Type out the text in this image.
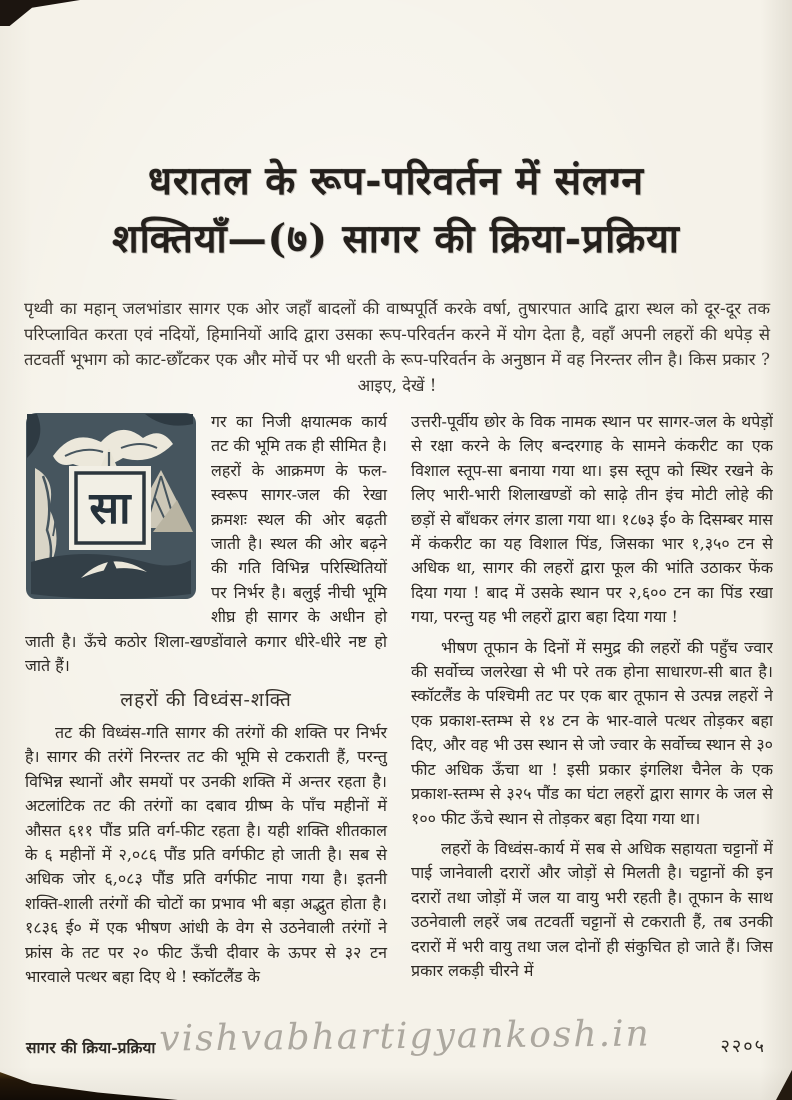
धरातल के रूप-परिवर्तन में संलग्न
शक्तियाँ—(७) सागर की क्रिया-प्रक्रिया
पृथ्वी का महान् जलभांडार सागर एक ओर जहाँ बादलों की वाष्पपूर्ति करके वर्षा, तुषारपात आदि द्वारा स्थल को दूर-दूर तक परिप्लावित करता एवं नदियों, हिमानियों आदि द्वारा उसका रूप-परिवर्तन करने में योग देता है, वहाँ अपनी लहरों की थपेड़ से तटवर्ती भूभाग को काट-छाँटकर एक और मोर्चे पर भी धरती के रूप-परिवर्तन के अनुष्ठान में वह निरन्तर लीन है। किस प्रकार ? आइए, देखें !
सा

गर का निजी क्षयात्मक कार्य तट की भूमि तक ही सीमित है। लहरों के आक्रमण के फल-स्वरूप सागर-जल की रेखा क्रमशः स्थल की ओर बढ़ती जाती है। स्थल की ओर बढ़ने की गति विभिन्न परिस्थितियों पर निर्भर है। बलुई नीची भूमि शीघ्र ही सागर के अधीन हो जाती है। ऊँचे कठोर शिला-खण्डोंवाले कगार धीरे-धीरे नष्ट हो जाते हैं।

लहरों की विध्वंस-शक्ति

तट की विध्वंस-गति सागर की तरंगों की शक्ति पर निर्भर है। सागर की तरंगें निरन्तर तट की भूमि से टकराती हैं, परन्तु विभिन्न स्थानों और समयों पर उनकी शक्ति में अन्तर रहता है। अटलांटिक तट की तरंगों का दबाव ग्रीष्म के पाँच महीनों में औसत ६११ पौंड प्रति वर्ग-फीट रहता है। यही शक्ति शीतकाल के ६ महीनों में २,०८६ पौंड प्रति वर्गफीट हो जाती है। सब से अधिक जोर ६,०८३ पौंड प्रति वर्गफीट नापा गया है। इतनी शक्ति-शाली तरंगों की चोटों का प्रभाव भी बड़ा अद्भुत होता है। १८३६ ई० में एक भीषण आंधी के वेग से उठनेवाली तरंगों ने फ्रांस के तट पर २० फीट ऊँची दीवार के ऊपर से ३२ टन भारवाले पत्थर बहा दिए थे ! स्कॉटलैंड के

उत्तरी-पूर्वीय छोर के विक नामक स्थान पर सागर-जल के थपेड़ों से रक्षा करने के लिए बन्दरगाह के सामने कंकरीट का एक विशाल स्तूप-सा बनाया गया था। इस स्तूप को स्थिर रखने के लिए भारी-भारी शिलाखण्डों को साढ़े तीन इंच मोटी लोहे की छड़ों से बाँधकर लंगर डाला गया था। १८७३ ई० के दिसम्बर मास में कंकरीट का यह विशाल पिंड, जिसका भार १,३५० टन से अधिक था, सागर की लहरों द्वारा फूल की भांति उठाकर फेंक दिया गया ! बाद में उसके स्थान पर २,६०० टन का पिंड रखा गया, परन्तु यह भी लहरों द्वारा बहा दिया गया !

भीषण तूफान के दिनों में समुद्र की लहरों की पहुँच ज्वार की सर्वोच्च जलरेखा से भी परे तक होना साधारण-सी बात है। स्कॉटलैंड के पश्चिमी तट पर एक बार तूफान से उत्पन्न लहरों ने एक प्रकाश-स्तम्भ से १४ टन के भार-वाले पत्थर तोड़कर बहा दिए, और वह भी उस स्थान से जो ज्वार के सर्वोच्च स्थान से ३० फीट अधिक ऊँचा था ! इसी प्रकार इंगलिश चैनेल के एक प्रकाश-स्तम्भ से ३२५ पौंड का घंटा लहरों द्वारा सागर के जल से १०० फीट ऊँचे स्थान से तोड़कर बहा दिया गया था।

लहरों के विध्वंस-कार्य में सब से अधिक सहायता चट्टानों में पाई जानेवाली दरारों और जोड़ों से मिलती है। चट्टानों की इन दरारों तथा जोड़ों में जल या वायु भरी रहती है। तूफान के साथ उठनेवाली लहरें जब तटवर्ती चट्टानों से टकराती हैं, तब उनकी दरारों में भरी वायु तथा जल दोनों ही संकुचित हो जाते हैं। जिस प्रकार लकड़ी चीरने में

सागर की क्रिया-प्रक्रिया vishvabhartigyankosh.in	२२०५
